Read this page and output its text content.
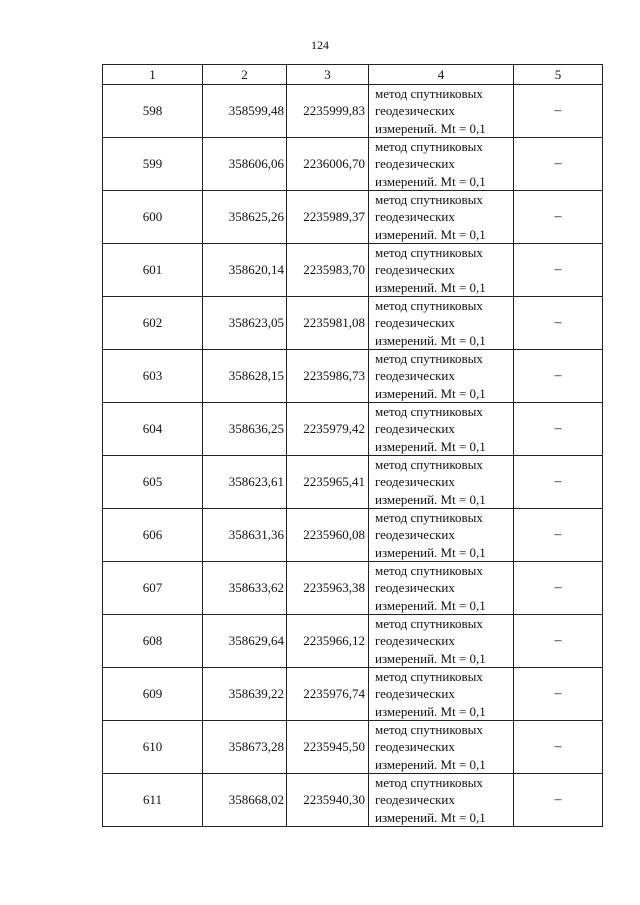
124
1	2	3	4	5
598	358599,48	2235999,83	метод спутниковых
геодезических
измерений. Mt = 0,1	–
599	358606,06	2236006,70	метод спутниковых
геодезических
измерений. Mt = 0,1	–
600	358625,26	2235989,37	метод спутниковых
геодезических
измерений. Mt = 0,1	–
601	358620,14	2235983,70	метод спутниковых
геодезических
измерений. Mt = 0,1	–
602	358623,05	2235981,08	метод спутниковых
геодезических
измерений. Mt = 0,1	–
603	358628,15	2235986,73	метод спутниковых
геодезических
измерений. Mt = 0,1	–
604	358636,25	2235979,42	метод спутниковых
геодезических
измерений. Mt = 0,1	–
605	358623,61	2235965,41	метод спутниковых
геодезических
измерений. Mt = 0,1	–
606	358631,36	2235960,08	метод спутниковых
геодезических
измерений. Mt = 0,1	–
607	358633,62	2235963,38	метод спутниковых
геодезических
измерений. Mt = 0,1	–
608	358629,64	2235966,12	метод спутниковых
геодезических
измерений. Mt = 0,1	–
609	358639,22	2235976,74	метод спутниковых
геодезических
измерений. Mt = 0,1	–
610	358673,28	2235945,50	метод спутниковых
геодезических
измерений. Mt = 0,1	–
611	358668,02	2235940,30	метод спутниковых
геодезических
измерений. Mt = 0,1	–
